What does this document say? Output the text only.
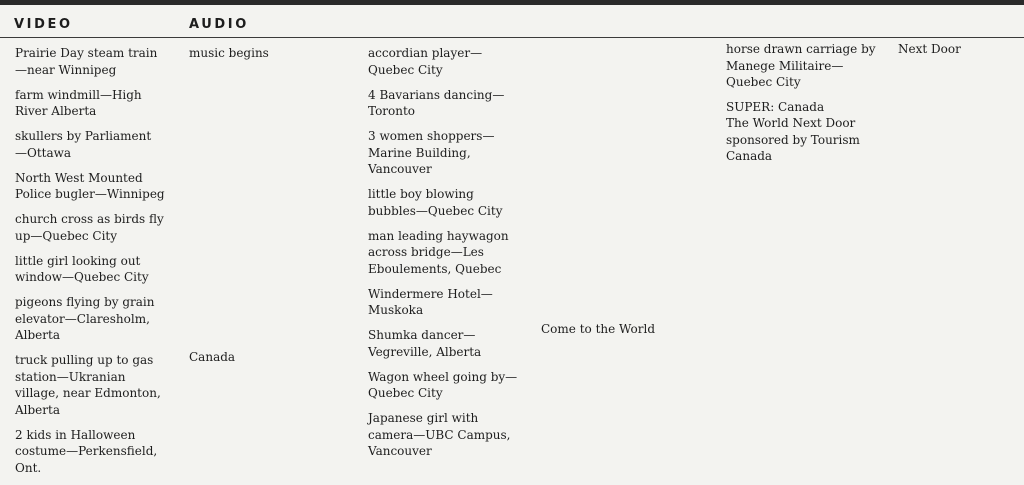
VIDEO	AUDIO
Prairie Day steam train
—near Winnipeg
farm windmill—High
River Alberta
skullers by Parliament
—Ottawa
North West Mounted
Police bugler—Winnipeg
church cross as birds fly
up—Quebec City
little girl looking out
window—Quebec City
pigeons flying by grain
elevator—Claresholm,
Alberta
truck pulling up to gas
station—Ukranian
village, near Edmonton,
Alberta
2 kids in Halloween
costume—Perkensfield,
Ont.
music begins
Canada
accordian player—
Quebec City
4 Bavarians dancing—
Toronto
3 women shoppers—
Marine Building,
Vancouver
little boy blowing
bubbles—Quebec City
man leading haywagon
across bridge—Les
Eboulements, Quebec
Windermere Hotel—
Muskoka
Shumka dancer—
Vegreville, Alberta
Wagon wheel going by—
Quebec City
Japanese girl with
camera—UBC Campus,
Vancouver
Come to the World
horse drawn carriage by
Manege Militaire—
Quebec City
SUPER: Canada
The World Next Door
sponsored by Tourism
Canada
Next Door
